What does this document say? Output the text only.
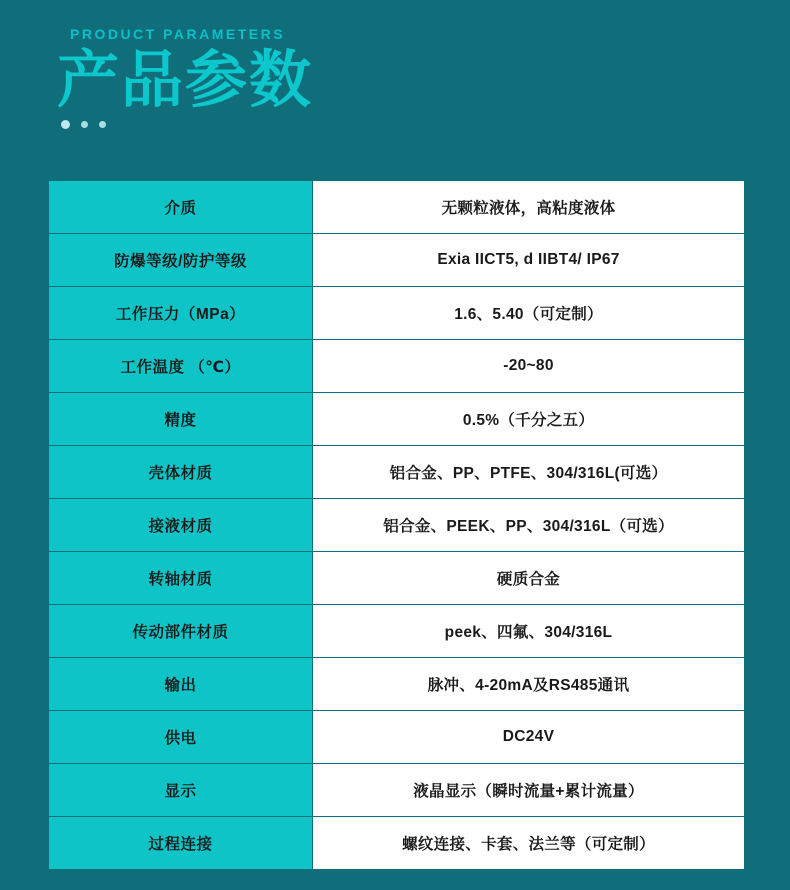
PRODUCT PARAMETERS
产品参数
介质	无颗粒液体，高粘度液体
防爆等级/防护等级	Exia IICT5, d IIBT4/ IP67
工作压力（MPa）	1.6、5.40（可定制）
工作温度 （℃）	-20~80
精度	0.5%（千分之五）
壳体材质	铝合金、PP、PTFE、304/316L(可选）
接液材质	铝合金、PEEK、PP、304/316L（可选）
转轴材质	硬质合金
传动部件材质	peek、四氟、304/316L
输出	脉冲、4-20mA及RS485通讯
供电	DC24V
显示	液晶显示（瞬时流量+累计流量）
过程连接	螺纹连接、卡套、法兰等（可定制）
